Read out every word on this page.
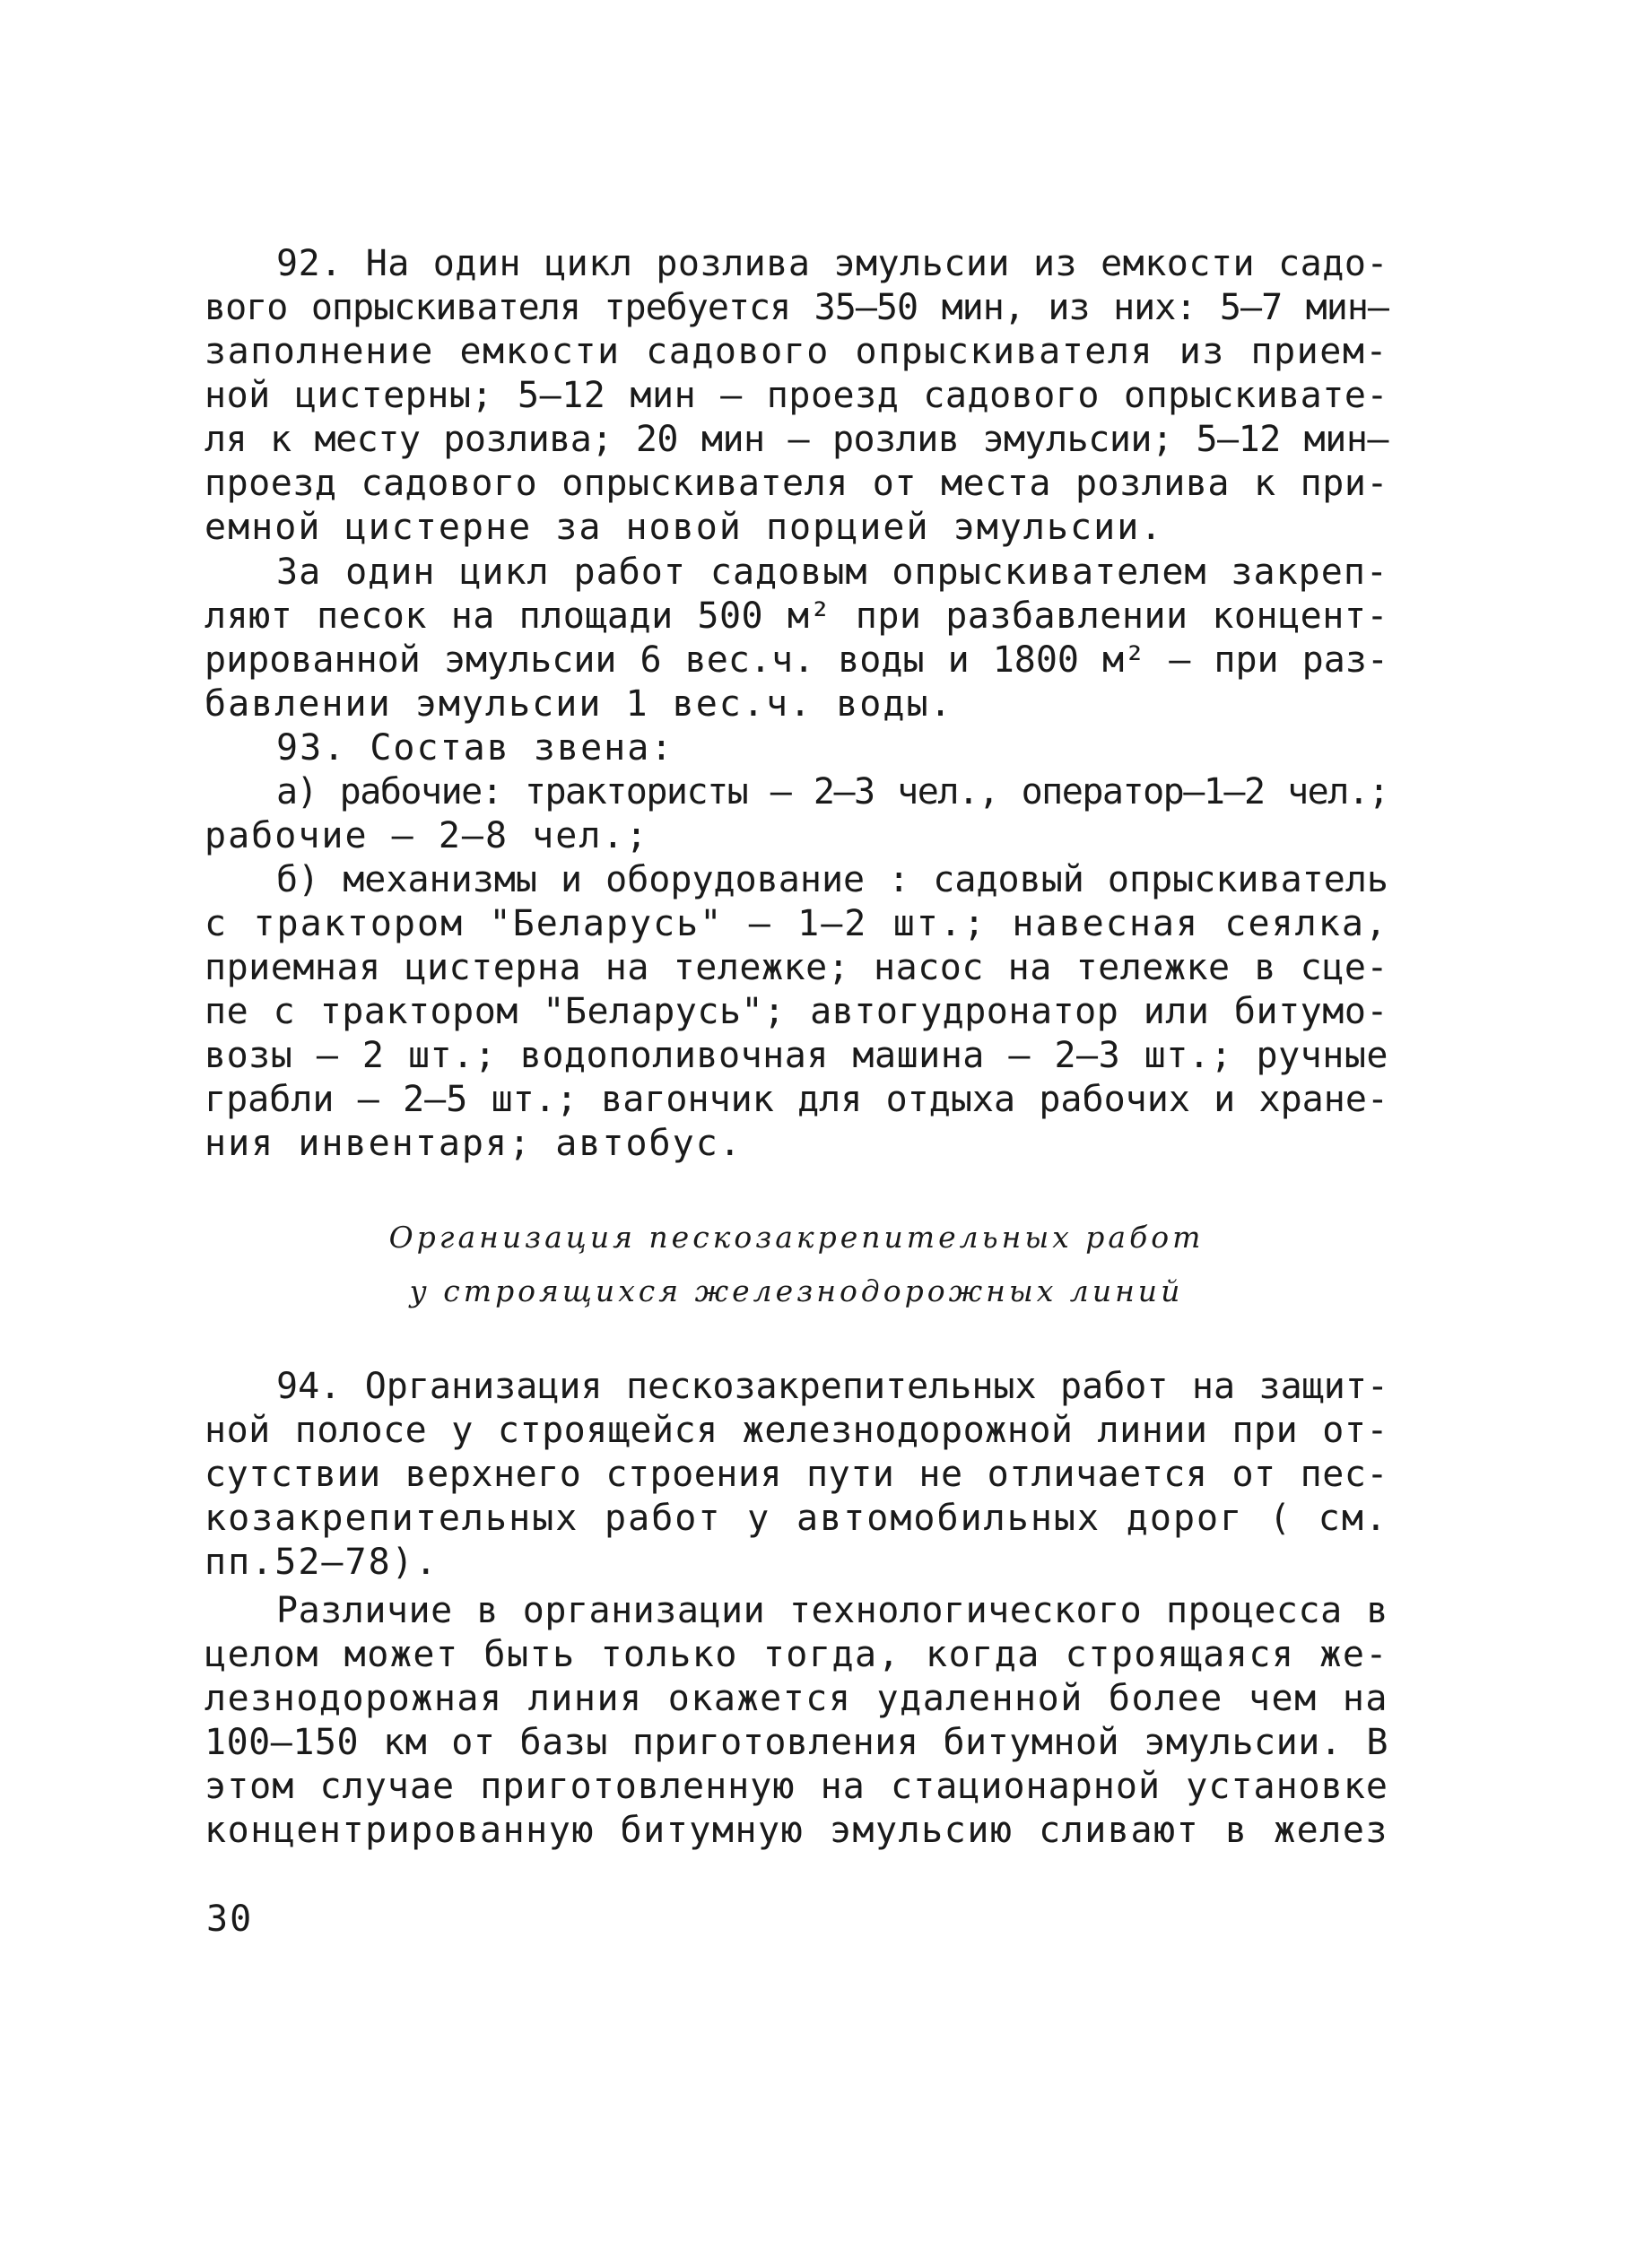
92. На один цикл розлива эмульсии из емкости садо-
вого опрыскивателя требуется 35–50 мин, из них: 5–7 мин–
заполнение емкости садового опрыскивателя из прием-
ной цистерны; 5–12 мин – проезд садового опрыскивате-
ля к месту розлива; 20 мин – розлив эмульсии; 5–12 мин–
проезд садового опрыскивателя от места розлива к при-
емной цистерне за новой порцией эмульсии.
За один цикл работ садовым опрыскивателем закреп-
ляют песок на площади 500 м² при разбавлении концент-
рированной эмульсии 6 вес.ч. воды и 1800 м² – при раз-
бавлении эмульсии 1 вес.ч. воды.
93. Состав звена:
а) рабочие: трактористы – 2–3 чел., оператор–1–2 чел.;
рабочие – 2–8 чел.;
б) механизмы и оборудование : садовый опрыскиватель
с трактором "Беларусь" – 1–2 шт.; навесная сеялка,
приемная цистерна на тележке; насос на тележке в сце-
пе с трактором "Беларусь"; автогудронатор или битумо-
возы – 2 шт.; водополивочная машина – 2–3 шт.; ручные
грабли – 2–5 шт.; вагончик для отдыха рабочих и хране-
ния инвентаря; автобус.
Организация пескозакрепительных работ
у строящихся железнодорожных линий
94. Организация пескозакрепительных работ на защит-
ной полосе у строящейся железнодорожной линии при от-
сутствии верхнего строения пути не отличается от пес-
козакрепительных работ у автомобильных дорог ( см.
пп.52–78).
Различие в организации технологического процесса в
целом может быть только тогда, когда строящаяся же-
лезнодорожная линия окажется удаленной более чем на
100–150 км от базы приготовления битумной эмульсии. В
этом случае приготовленную на стационарной установке
концентрированную битумную эмульсию сливают в желез
30
